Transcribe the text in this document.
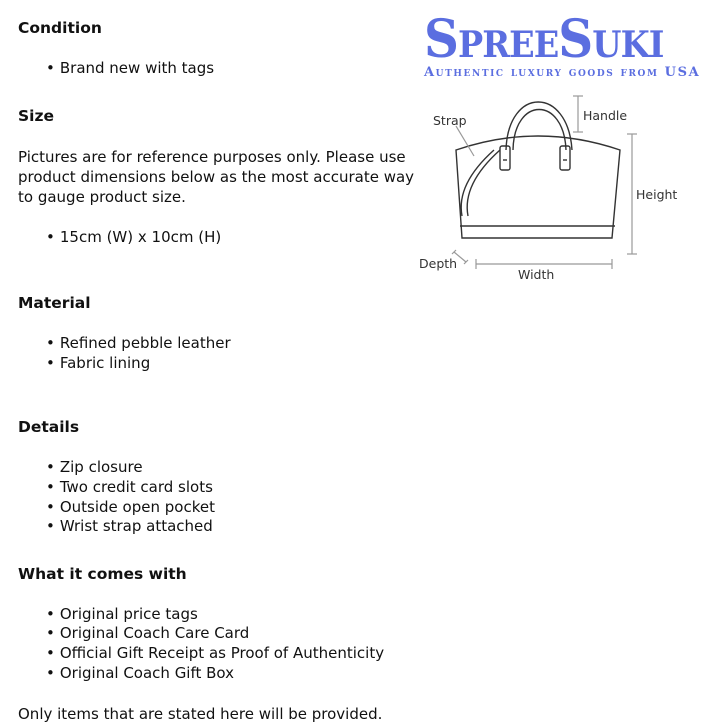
Condition
• Brand new with tags
Size

Pictures are for reference purposes only. Please use product dimensions below as the most accurate way to gauge product size.

• 15cm (W) x 10cm (H)
Material
• Refined pebble leather
• Fabric lining
Details
• Zip closure
• Two credit card slots
• Outside open pocket
• Wrist strap attached
What it comes with
• Original price tags
• Original Coach Care Card
• Official Gift Receipt as Proof of Authenticity
• Original Coach Gift Box

Only items that are stated here will be provided.

SpreeSuki
Authentic luxury goods from USA
Strap	Handle
Height
Depth
Width
